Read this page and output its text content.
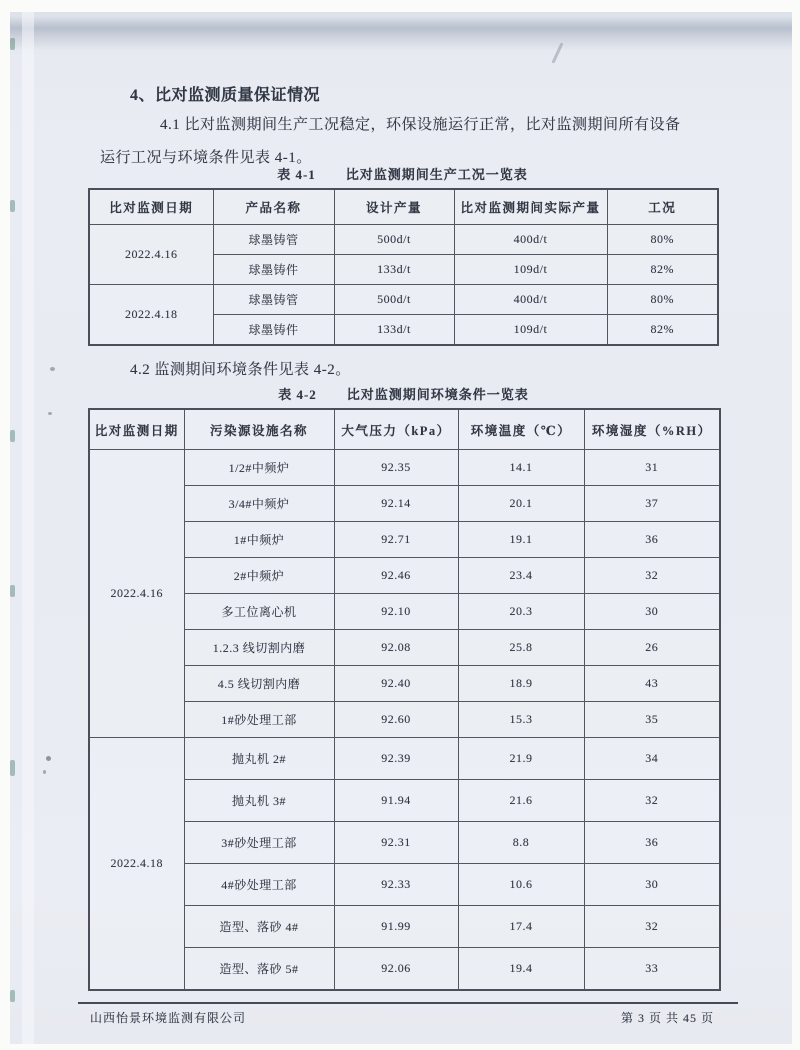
4、比对监测质量保证情况

4.1 比对监测期间生产工况稳定，环保设施运行正常，比对监测期间所有设备

运行工况与环境条件见表 4-1。

表 4-1 比对监测期间生产工况一览表
比对监测日期	产品名称	设计产量	比对监测期间实际产量	工况
2022.4.16	球墨铸管	500d/t	400d/t	80%
	球墨铸件	133d/t	109d/t	82%
2022.4.18	球墨铸管	500d/t	400d/t	80%
	球墨铸件	133d/t	109d/t	82%

4.2 监测期间环境条件见表 4-2。

表 4-2 比对监测期间环境条件一览表
比对监测日期	污染源设施名称	大气压力（kPa）	环境温度（℃）	环境湿度（%RH）
2022.4.16	1/2#中频炉	92.35	14.1	31
	3/4#中频炉	92.14	20.1	37
	1#中频炉	92.71	19.1	36
	2#中频炉	92.46	23.4	32
	多工位离心机	92.10	20.3	30
	1.2.3 线切割内磨	92.08	25.8	26
	4.5 线切割内磨	92.40	18.9	43
	1#砂处理工部	92.60	15.3	35
2022.4.18	抛丸机 2#	92.39	21.9	34
	抛丸机 3#	91.94	21.6	32
	3#砂处理工部	92.31	8.8	36
	4#砂处理工部	92.33	10.6	30
	造型、落砂 4#	91.99	17.4	32
	造型、落砂 5#	92.06	19.4	33
山西怡景环境监测有限公司	第 3 页 共 45 页
